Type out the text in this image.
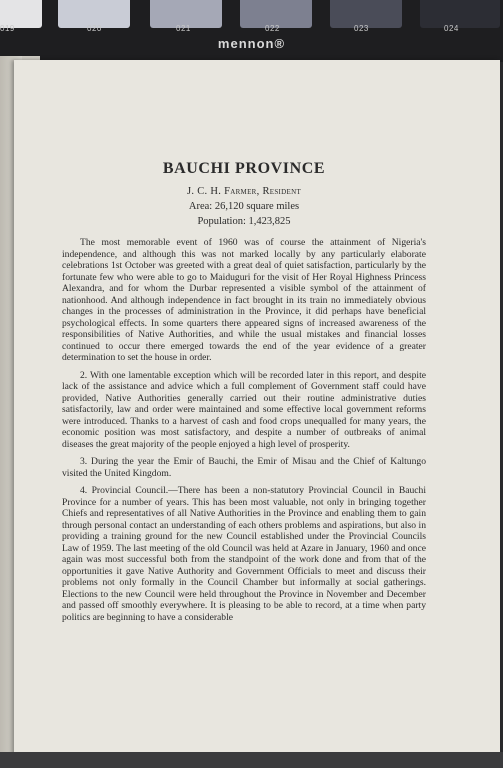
019	020	021	022	023	024
mennon®
BAUCHI PROVINCE

J. C. H. Farmer, Resident

Area: 26,120 square miles

Population: 1,423,825

The most memorable event of 1960 was of course the attainment of Nigeria's independence, and although this was not marked locally by any particularly elaborate celebrations 1st October was greeted with a great deal of quiet satisfaction, particularly by the fortunate few who were able to go to Maiduguri for the visit of Her Royal Highness Princess Alexandra, and for whom the Durbar represented a visible symbol of the attainment of nationhood. And although independence in fact brought in its train no immediately obvious changes in the processes of administration in the Province, it did perhaps have beneficial psychological effects. In some quarters there appeared signs of increased awareness of the responsibilities of Native Authorities, and while the usual mistakes and financial losses continued to occur there emerged towards the end of the year evidence of a greater determination to set the house in order.

2. With one lamentable exception which will be recorded later in this report, and despite lack of the assistance and advice which a full complement of Government staff could have provided, Native Authorities generally carried out their routine administrative duties satisfactorily, law and order were maintained and some effective local government reforms were introduced. Thanks to a harvest of cash and food crops unequalled for many years, the economic position was most satisfactory, and despite a number of outbreaks of animal diseases the great majority of the people enjoyed a high level of prosperity.

3. During the year the Emir of Bauchi, the Emir of Misau and the Chief of Kaltungo visited the United Kingdom.

4. Provincial Council.—There has been a non-statutory Provincial Council in Bauchi Province for a number of years. This has been most valuable, not only in bringing together Chiefs and representatives of all Native Authorities in the Province and enabling them to gain through personal contact an understanding of each others problems and aspirations, but also in providing a training ground for the new Council established under the Provincial Councils Law of 1959. The last meeting of the old Council was held at Azare in January, 1960 and once again was most successful both from the standpoint of the work done and from that of the opportunities it gave Native Authority and Government Officials to meet and discuss their problems not only formally in the Council Chamber but informally at social gatherings. Elections to the new Council were held throughout the Province in November and December and passed off smoothly everywhere. It is pleasing to be able to record, at a time when party politics are beginning to have a considerable
